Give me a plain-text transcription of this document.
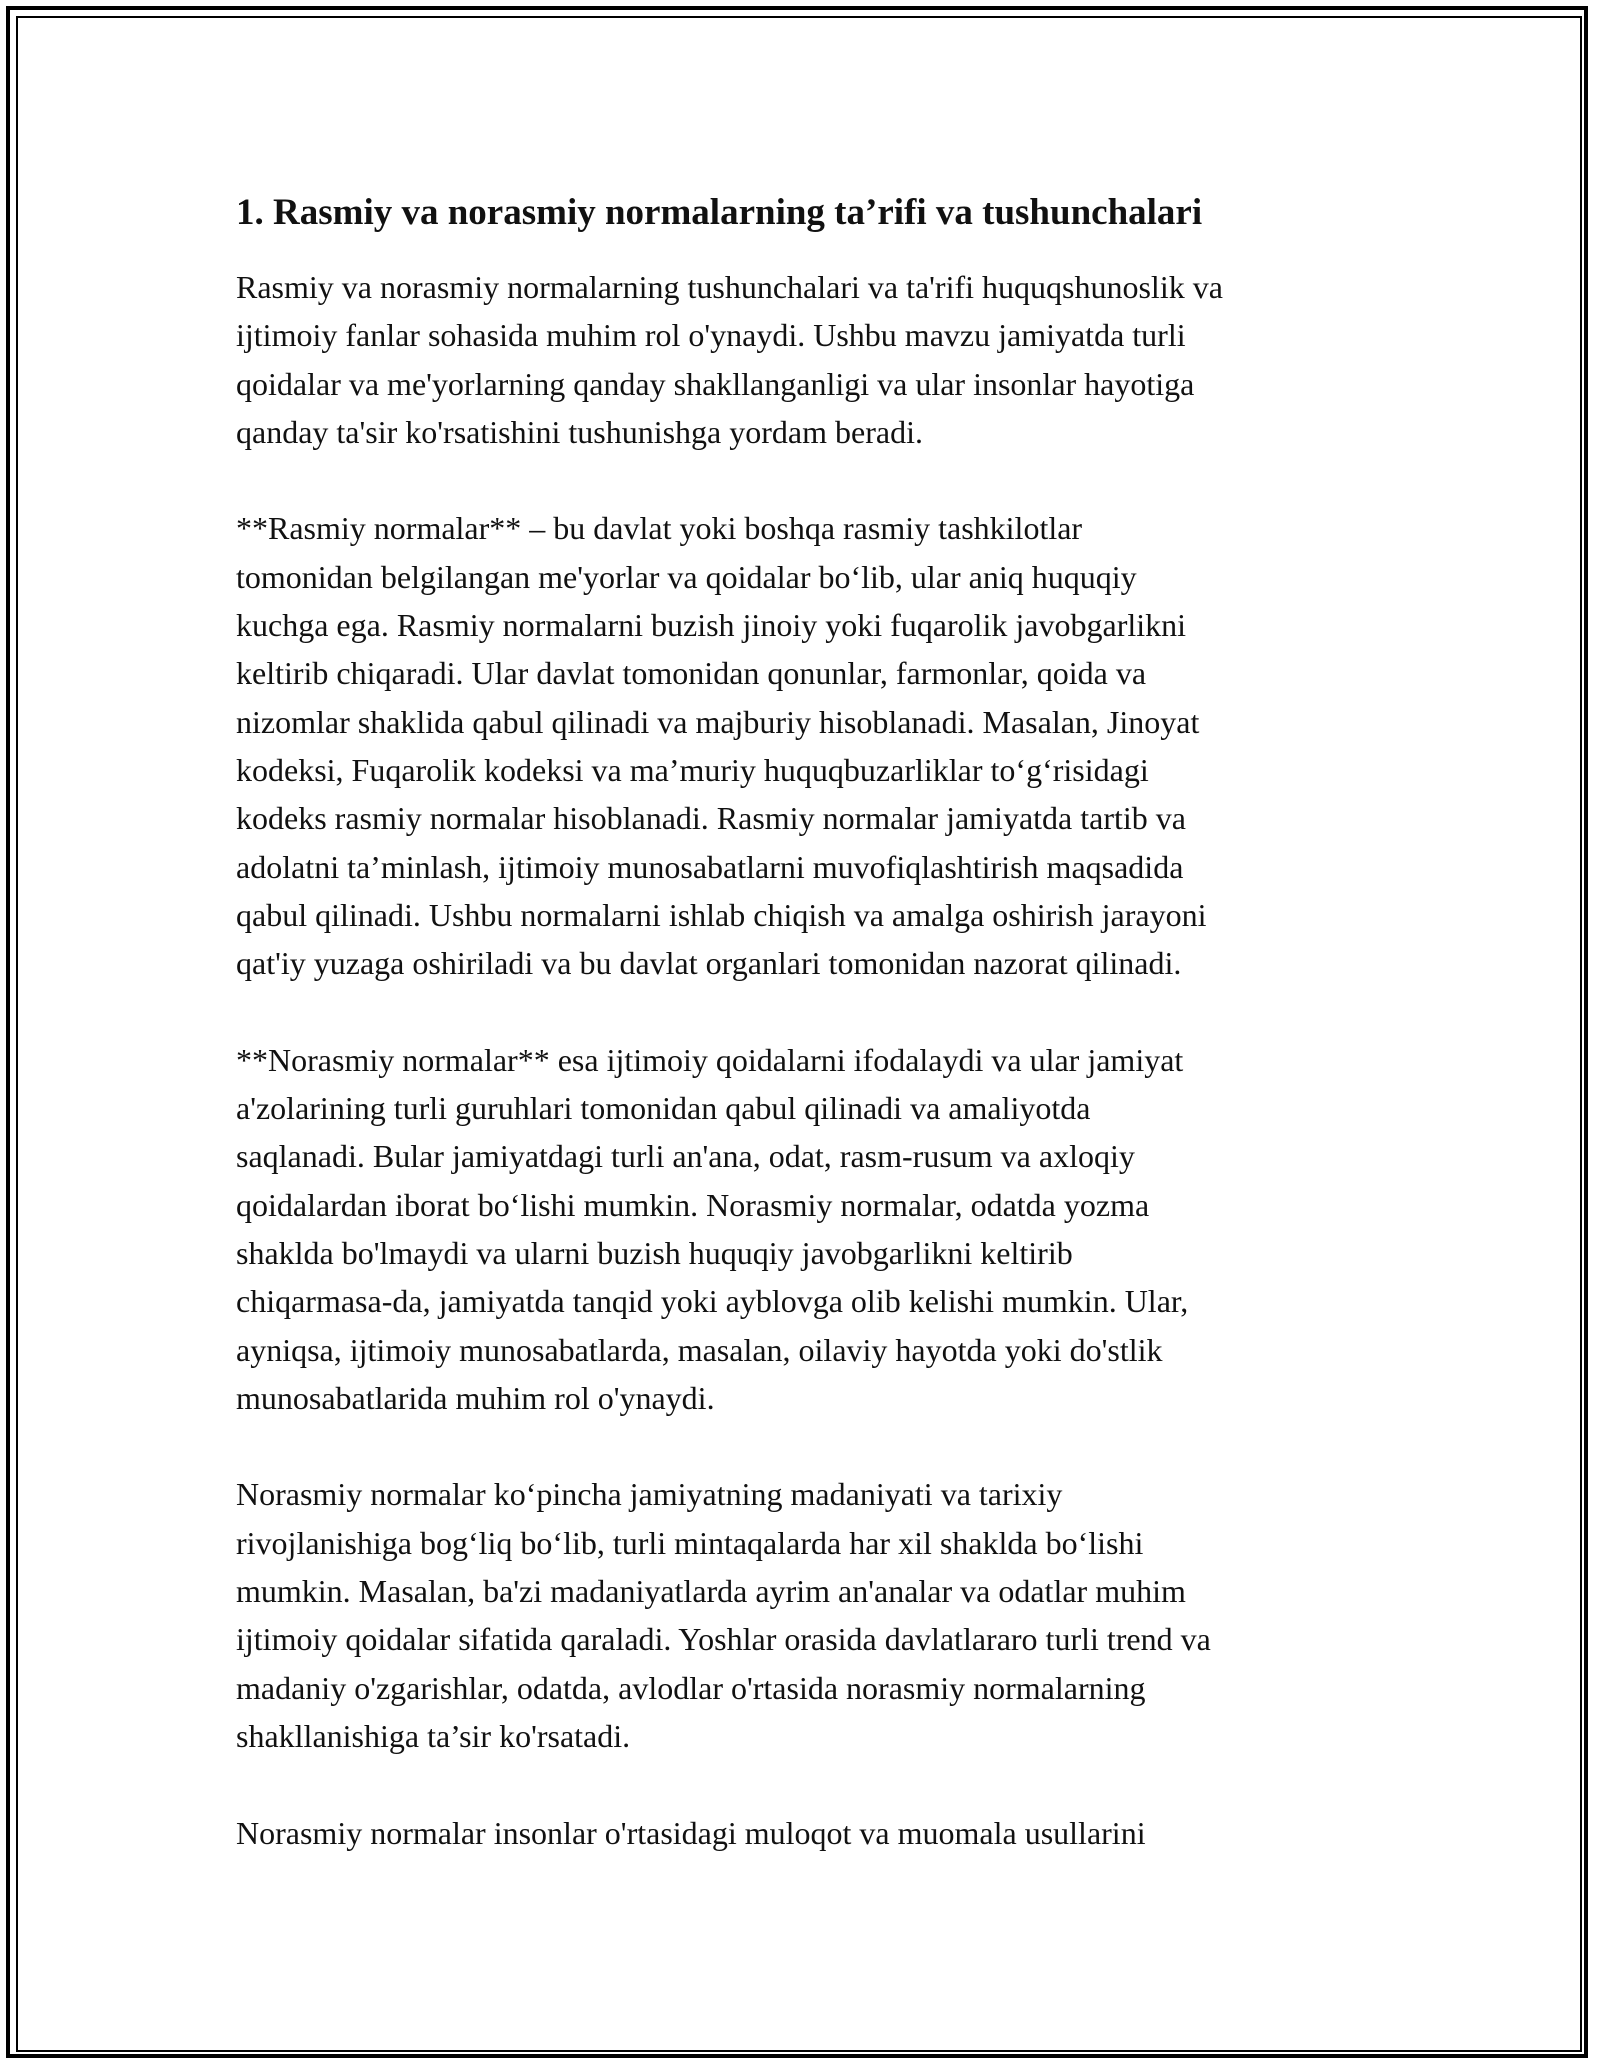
1. Rasmiy va norasmiy normalarning ta’rifi va tushunchalari
Rasmiy va norasmiy normalarning tushunchalari va ta'rifi huquqshunoslik va
ijtimoiy fanlar sohasida muhim rol o'ynaydi. Ushbu mavzu jamiyatda turli
qoidalar va me'yorlarning qanday shakllanganligi va ular insonlar hayotiga
qanday ta'sir ko'rsatishini tushunishga yordam beradi.
**Rasmiy normalar** – bu davlat yoki boshqa rasmiy tashkilotlar
tomonidan belgilangan me'yorlar va qoidalar boʻlib, ular aniq huquqiy
kuchga ega. Rasmiy normalarni buzish jinoiy yoki fuqarolik javobgarlikni
keltirib chiqaradi. Ular davlat tomonidan qonunlar, farmonlar, qoida va
nizomlar shaklida qabul qilinadi va majburiy hisoblanadi. Masalan, Jinoyat
kodeksi, Fuqarolik kodeksi va ma’muriy huquqbuzarliklar toʻgʻrisidagi
kodeks rasmiy normalar hisoblanadi. Rasmiy normalar jamiyatda tartib va
adolatni ta’minlash, ijtimoiy munosabatlarni muvofiqlashtirish maqsadida
qabul qilinadi. Ushbu normalarni ishlab chiqish va amalga oshirish jarayoni
qat'iy yuzaga oshiriladi va bu davlat organlari tomonidan nazorat qilinadi.
**Norasmiy normalar** esa ijtimoiy qoidalarni ifodalaydi va ular jamiyat
a'zolarining turli guruhlari tomonidan qabul qilinadi va amaliyotda
saqlanadi. Bular jamiyatdagi turli an'ana, odat, rasm-rusum va axloqiy
qoidalardan iborat boʻlishi mumkin. Norasmiy normalar, odatda yozma
shaklda bo'lmaydi va ularni buzish huquqiy javobgarlikni keltirib
chiqarmasa-da, jamiyatda tanqid yoki ayblovga olib kelishi mumkin. Ular,
ayniqsa, ijtimoiy munosabatlarda, masalan, oilaviy hayotda yoki do'stlik
munosabatlarida muhim rol o'ynaydi.
Norasmiy normalar koʻpincha jamiyatning madaniyati va tarixiy
rivojlanishiga bogʻliq boʻlib, turli mintaqalarda har xil shaklda boʻlishi
mumkin. Masalan, ba'zi madaniyatlarda ayrim an'analar va odatlar muhim
ijtimoiy qoidalar sifatida qaraladi. Yoshlar orasida davlatlararo turli trend va
madaniy o'zgarishlar, odatda, avlodlar o'rtasida norasmiy normalarning
shakllanishiga ta’sir ko'rsatadi.
Norasmiy normalar insonlar o'rtasidagi muloqot va muomala usullarini
